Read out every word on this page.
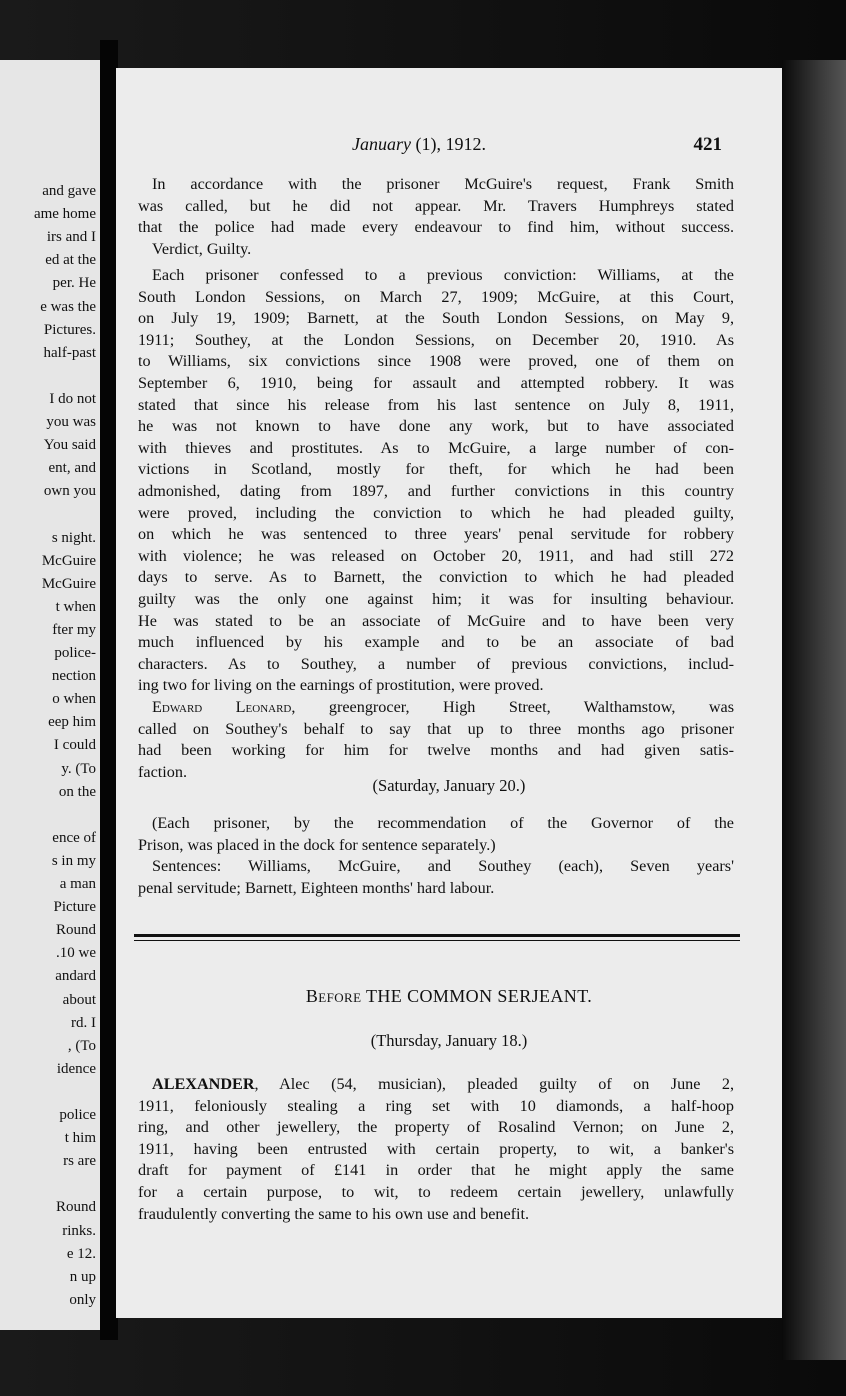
and gave
ame home
irs and I
ed at the
per. He
e was the
Pictures.
half-past
I do not
you was
You said
ent, and
own you
s night.
McGuire
McGuire
t when
fter my
police-
nection
o when
eep him
I could
y. (To
on the
ence of
s in my
a man
Picture
Round
.10 we
andard
about
rd. I
, (To
idence
police
t him
rs are
Round
rinks.
e 12.
n up
only
January (1), 1912.	421
In accordance with the prisoner McGuire's request, Frank Smith
was called, but he did not appear. Mr. Travers Humphreys stated
that the police had made every endeavour to find him, without success.
Verdict, Guilty.
Each prisoner confessed to a previous conviction: Williams, at the
South London Sessions, on March 27, 1909; McGuire, at this Court,
on July 19, 1909; Barnett, at the South London Sessions, on May 9,
1911; Southey, at the London Sessions, on December 20, 1910. As
to Williams, six convictions since 1908 were proved, one of them on
September 6, 1910, being for assault and attempted robbery. It was
stated that since his release from his last sentence on July 8, 1911,
he was not known to have done any work, but to have associated
with thieves and prostitutes. As to McGuire, a large number of con-
victions in Scotland, mostly for theft, for which he had been
admonished, dating from 1897, and further convictions in this country
were proved, including the conviction to which he had pleaded guilty,
on which he was sentenced to three years' penal servitude for robbery
with violence; he was released on October 20, 1911, and had still 272
days to serve. As to Barnett, the conviction to which he had pleaded
guilty was the only one against him; it was for insulting behaviour.
He was stated to be an associate of McGuire and to have been very
much influenced by his example and to be an associate of bad
characters. As to Southey, a number of previous convictions, includ-
ing two for living on the earnings of prostitution, were proved.
Edward Leonard, greengrocer, High Street, Walthamstow, was
called on Southey's behalf to say that up to three months ago prisoner
had been working for him for twelve months and had given satis-
faction.
(Saturday, January 20.)
(Each prisoner, by the recommendation of the Governor of the
Prison, was placed in the dock for sentence separately.)
Sentences: Williams, McGuire, and Southey (each), Seven years'
penal servitude; Barnett, Eighteen months' hard labour.
Before THE COMMON SERJEANT.
(Thursday, January 18.)
ALEXANDER, Alec (54, musician), pleaded guilty of on June 2,
1911, feloniously stealing a ring set with 10 diamonds, a half-hoop
ring, and other jewellery, the property of Rosalind Vernon; on June 2,
1911, having been entrusted with certain property, to wit, a banker's
draft for payment of £141 in order that he might apply the same
for a certain purpose, to wit, to redeem certain jewellery, unlawfully
fraudulently converting the same to his own use and benefit.
